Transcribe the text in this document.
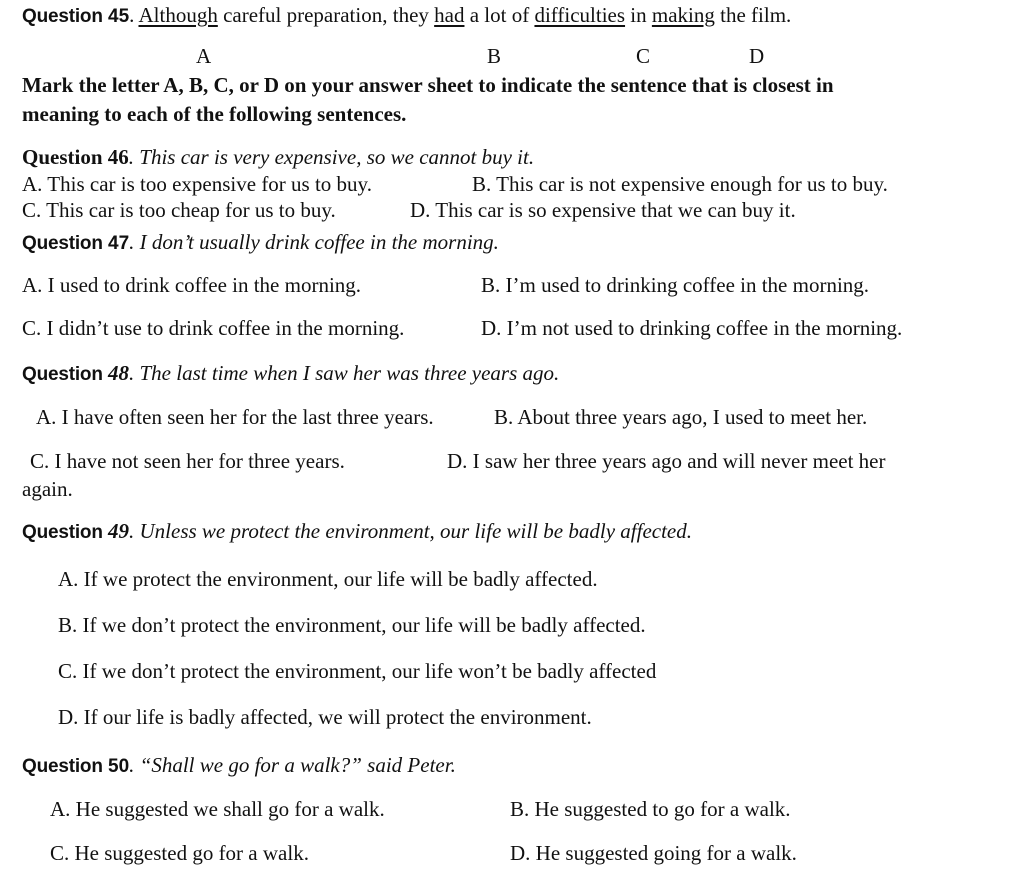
Question 45. Although careful preparation, they had a lot of difficulties in making the film.
A	B	C	D
Mark the letter A, B, C, or D on your answer sheet to indicate the sentence that is closest in
meaning to each of the following sentences.
Question 46. This car is very expensive, so we cannot buy it.
A. This car is too expensive for us to buy.	B. This car is not expensive enough for us to buy.
C. This car is too cheap for us to buy.	D. This car is so expensive that we can buy it.
Question 47. I don’t usually drink coffee in the morning.
A. I used to drink coffee in the morning.	B. I’m used to drinking coffee in the morning.
C. I didn’t use to drink coffee in the morning.	D. I’m not used to drinking coffee in the morning.
Question 48. The last time when I saw her was three years ago.
A. I have often seen her for the last three years.	B. About three years ago, I used to meet her.
C. I have not seen her for three years.	D. I saw her three years ago and will never meet her
again.
Question 49. Unless we protect the environment, our life will be badly affected.
A. If we protect the environment, our life will be badly affected.
B. If we don’t protect the environment, our life will be badly affected.
C. If we don’t protect the environment, our life won’t be badly affected
D. If our life is badly affected, we will protect the environment.
Question 50. “Shall we go for a walk?” said Peter.
A. He suggested we shall go for a walk.	B. He suggested to go for a walk.
C. He suggested go for a walk.	D. He suggested going for a walk.
